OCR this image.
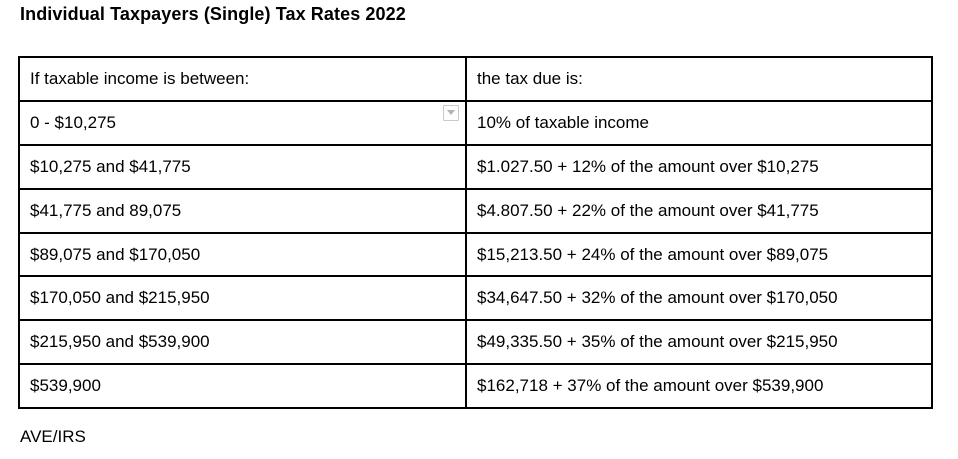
Individual Taxpayers (Single) Tax Rates 2022
If taxable income is between:	the tax due is:
0 - $10,275	10% of taxable income
$10,275 and $41,775	$1.027.50 + 12% of the amount over $10,275
$41,775 and 89,075	$4.807.50 + 22% of the amount over $41,775
$89,075 and $170,050	$15,213.50 + 24% of the amount over $89,075
$170,050 and $215,950	$34,647.50 + 32% of the amount over $170,050
$215,950 and $539,900	$49,335.50 + 35% of the amount over $215,950
$539,900	$162,718 + 37% of the amount over $539,900
AVE/IRS
